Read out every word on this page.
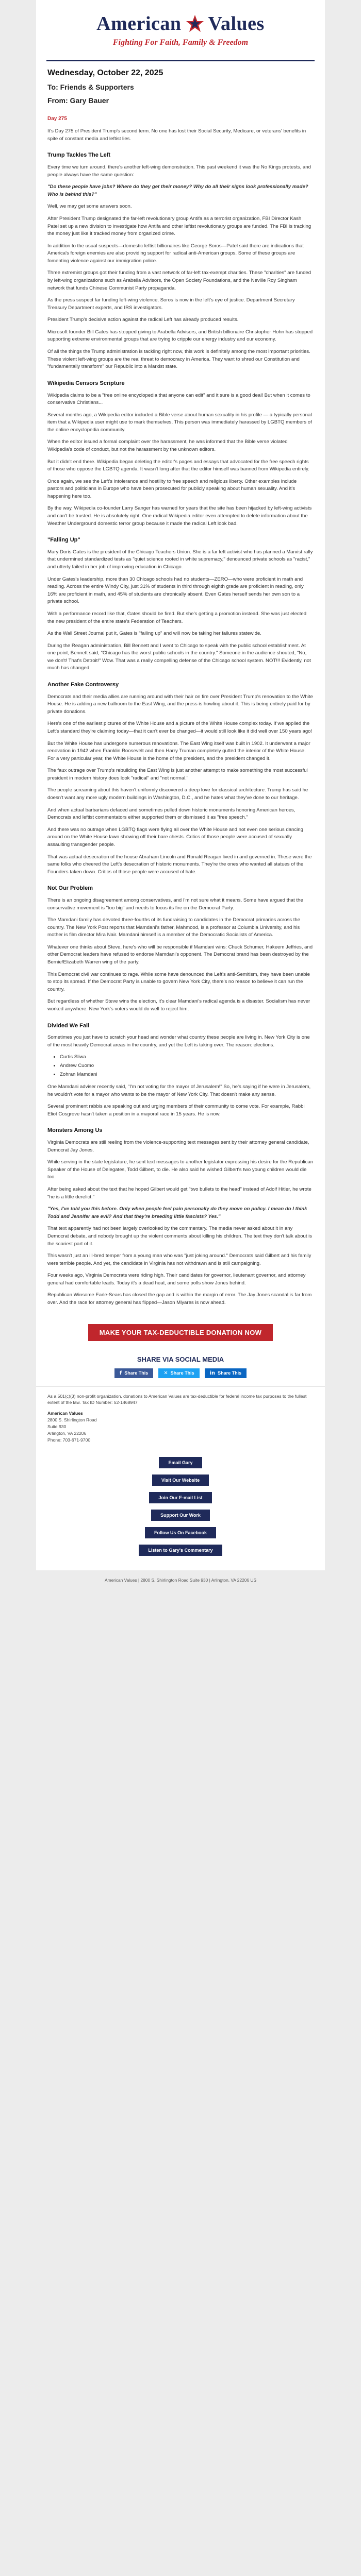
American Values
Fighting For Faith, Family & Freedom
Wednesday, October 22, 2025
To: Friends & Supporters
From: Gary Bauer
Day 275

It's Day 275 of President Trump's second term. No one has lost their Social Security, Medicare, or veterans' benefits in spite of constant media and leftist lies.

Trump Tackles The Left

Every time we turn around, there's another left-wing demonstration. This past weekend it was the No Kings protests, and people always have the same question:

"Do these people have jobs? Where do they get their money? Why do all their signs look professionally made? Who is behind this?"

Well, we may get some answers soon.

After President Trump designated the far-left revolutionary group Antifa as a terrorist organization, FBI Director Kash Patel set up a new division to investigate how Antifa and other leftist revolutionary groups are funded. The FBI is tracking the money just like it tracked money from organized crime.

In addition to the usual suspects—domestic leftist billionaires like George Soros—Patel said there are indications that America's foreign enemies are also providing support for radical anti-American groups. Some of these groups are fomenting violence against our immigration police.

Three extremist groups got their funding from a vast network of far-left tax-exempt charities. These "charities" are funded by left-wing organizations such as Arabella Advisors, the Open Society Foundations, and the Neville Roy Singham network that funds Chinese Communist Party propaganda.

As the press suspect far funding left-wing violence, Soros is now in the left's eye of justice. Department Secretary Treasury Department experts, and IRS investigators.

President Trump's decisive action against the radical Left has already produced results.

Microsoft founder Bill Gates has stopped giving to Arabella Advisors, and British billionaire Christopher Hohn has stopped supporting extreme environmental groups that are trying to cripple our energy industry and our economy.

Of all the things the Trump administration is tackling right now, this work is definitely among the most important priorities. These violent left-wing groups are the real threat to democracy in America. They want to shred our Constitution and "fundamentally transform" our Republic into a Marxist state.

Wikipedia Censors Scripture

Wikipedia claims to be a "free online encyclopedia that anyone can edit" and it sure is a good deal! But when it comes to conservative Christians...

Several months ago, a Wikipedia editor included a Bible verse about human sexuality in his profile — a typically personal item that a Wikipedia user might use to mark themselves. This person was immediately harassed by LGBTQ members of the online encyclopedia community.

When the editor issued a formal complaint over the harassment, he was informed that the Bible verse violated Wikipedia's code of conduct, but not the harassment by the unknown editors.

But it didn't end there. Wikipedia began deleting the editor's pages and essays that advocated for the free speech rights of those who oppose the LGBTQ agenda. It wasn't long after that the editor himself was banned from Wikipedia entirely.

Once again, we see the Left's intolerance and hostility to free speech and religious liberty. Other examples include pastors and politicians in Europe who have been prosecuted for publicly speaking about human sexuality. And it's happening here too.

By the way, Wikipedia co-founder Larry Sanger has warned for years that the site has been hijacked by left-wing activists and can't be trusted. He is absolutely right. One radical Wikipedia editor even attempted to delete information about the Weather Underground domestic terror group because it made the radical Left look bad.

"Falling Up"

Mary Doris Gates is the president of the Chicago Teachers Union. She is a far left activist who has planned a Marxist rally that undermined standardized tests as "quiet science rooted in white supremacy," denounced private schools as "racist," and utterly failed in her job of improving education in Chicago.

Under Gates's leadership, more than 30 Chicago schools had no students—ZERO—who were proficient in math and reading. Across the entire Windy City, just 31% of students in third through eighth grade are proficient in reading, only 16% are proficient in math, and 45% of students are chronically absent. Even Gates herself sends her own son to a private school.

With a performance record like that, Gates should be fired. But she's getting a promotion instead. She was just elected the new president of the entire state's Federation of Teachers.

As the Wall Street Journal put it, Gates is "failing up" and will now be taking her failures statewide.

During the Reagan administration, Bill Bennett and I went to Chicago to speak with the public school establishment. At one point, Bennett said, "Chicago has the worst public schools in the country." Someone in the audience shouted, "No, we don't! That's Detroit!" Wow. That was a really compelling defense of the Chicago school system. NOT!!! Evidently, not much has changed.

Another Fake Controversy

Democrats and their media allies are running around with their hair on fire over President Trump's renovation to the White House. He is adding a new ballroom to the East Wing, and the press is howling about it. This is being entirely paid for by private donations.

Here's one of the earliest pictures of the White House and a picture of the White House complex today. If we applied the Left's standard they're claiming today—that it can't ever be changed—it would still look like it did well over 150 years ago!

But the White House has undergone numerous renovations. The East Wing itself was built in 1902. It underwent a major renovation in 1942 when Franklin Roosevelt and then Harry Truman completely gutted the interior of the White House. For a very particular year, the White House is the home of the president, and the president changed it.

The faux outrage over Trump's rebuilding the East Wing is just another attempt to make something the most successful president in modern history does look "radical" and "not normal."

The people screaming about this haven't uniformly discovered a deep love for classical architecture. Trump has said he doesn't want any more ugly modern buildings in Washington, D.C., and he hates what they've done to our heritage.

And when actual barbarians defaced and sometimes pulled down historic monuments honoring American heroes, Democrats and leftist commentators either supported them or dismissed it as "free speech."

And there was no outrage when LGBTQ flags were flying all over the White House and not even one serious dancing around on the White House lawn showing off their bare chests. Critics of those people were accused of sexually assaulting transgender people.

That was actual desecration of the house Abraham Lincoln and Ronald Reagan lived in and governed in. These were the same folks who cheered the Left's desecration of historic monuments. They're the ones who wanted all statues of the Founders taken down. Critics of those people were accused of hate.

Not Our Problem

There is an ongoing disagreement among conservatives, and I'm not sure what it means. Some have argued that the conservative movement is "too big" and needs to focus its fire on the Democrat Party.

The Mamdani family has devoted three-fourths of its fundraising to candidates in the Democrat primaries across the country. The New York Post reports that Mamdani's father, Mahmood, is a professor at Columbia University, and his mother is film director Mira Nair. Mamdani himself is a member of the Democratic Socialists of America.

Whatever one thinks about Steve, here's who will be responsible if Mamdani wins: Chuck Schumer, Hakeem Jeffries, and other Democrat leaders have refused to endorse Mamdani's opponent. The Democrat brand has been destroyed by the Bernie/Elizabeth Warren wing of the party.

This Democrat civil war continues to rage. While some have denounced the Left's anti-Semitism, they have been unable to stop its spread. If the Democrat Party is unable to govern New York City, there's no reason to believe it can run the country.

But regardless of whether Steve wins the election, it's clear Mamdani's radical agenda is a disaster. Socialism has never worked anywhere. New York's voters would do well to reject him.

Divided We Fall

Sometimes you just have to scratch your head and wonder what country these people are living in. New York City is one of the most heavily Democrat areas in the country, and yet the Left is taking over. The reason: elections.

• Curtis Sliwa
• Andrew Cuomo
• Zohran Mamdani

One Mamdani adviser recently said, "I'm not voting for the mayor of Jerusalem!" So, he's saying if he were in Jerusalem, he wouldn't vote for a mayor who wants to be the mayor of New York City. That doesn't make any sense.

Several prominent rabbis are speaking out and urging members of their community to come vote. For example, Rabbi Eliot Cosgrove hasn't taken a position in a mayoral race in 15 years. He is now.

Monsters Among Us

Virginia Democrats are still reeling from the violence-supporting text messages sent by their attorney general candidate, Democrat Jay Jones.

While serving in the state legislature, he sent text messages to another legislator expressing his desire for the Republican Speaker of the House of Delegates, Todd Gilbert, to die. He also said he wished Gilbert's two young children would die too.

After being asked about the text that he hoped Gilbert would get "two bullets to the head" instead of Adolf Hitler, he wrote "he is a little derelict."

"Yes, I've told you this before. Only when people feel pain personally do they move on policy. I mean do I think Todd and Jennifer are evil? And that they're breeding little fascists? Yes."

That text apparently had not been largely overlooked by the commentary. The media never asked about it in any Democrat debate, and nobody brought up the violent comments about killing his children. The text they don't talk about is the scariest part of it.

This wasn't just an ill-bred temper from a young man who was "just joking around." Democrats said Gilbert and his family were terrible people. And yet, the candidate in Virginia has not withdrawn and is still campaigning.

Four weeks ago, Virginia Democrats were riding high. Their candidates for governor, lieutenant governor, and attorney general had comfortable leads. Today it's a dead heat, and some polls show Jones behind.

Republican Winsome Earle-Sears has closed the gap and is within the margin of error. The Jay Jones scandal is far from over. And the race for attorney general has flipped—Jason Miyares is now ahead.

MAKE YOUR TAX-DEDUCTIBLE DONATION NOW
SHARE VIA SOCIAL MEDIA
f Share This	✕ Share This	in Share This

As a 501(c)(3) non-profit organization, donations to American Values are tax-deductible for federal income tax purposes to the fullest extent of the law. Tax ID Number: 52-1468947

American Values
2800 S. Shirlington Road
Suite 930
Arlington, VA 22206
Phone: 703-671-9700
Email Gary
Visit Our Website
Join Our E-mail List
Support Our Work
Follow Us On Facebook
Listen to Gary's Commentary
American Values | 2800 S. Shirlington Road Suite 930 | Arlington, VA 22206 US
